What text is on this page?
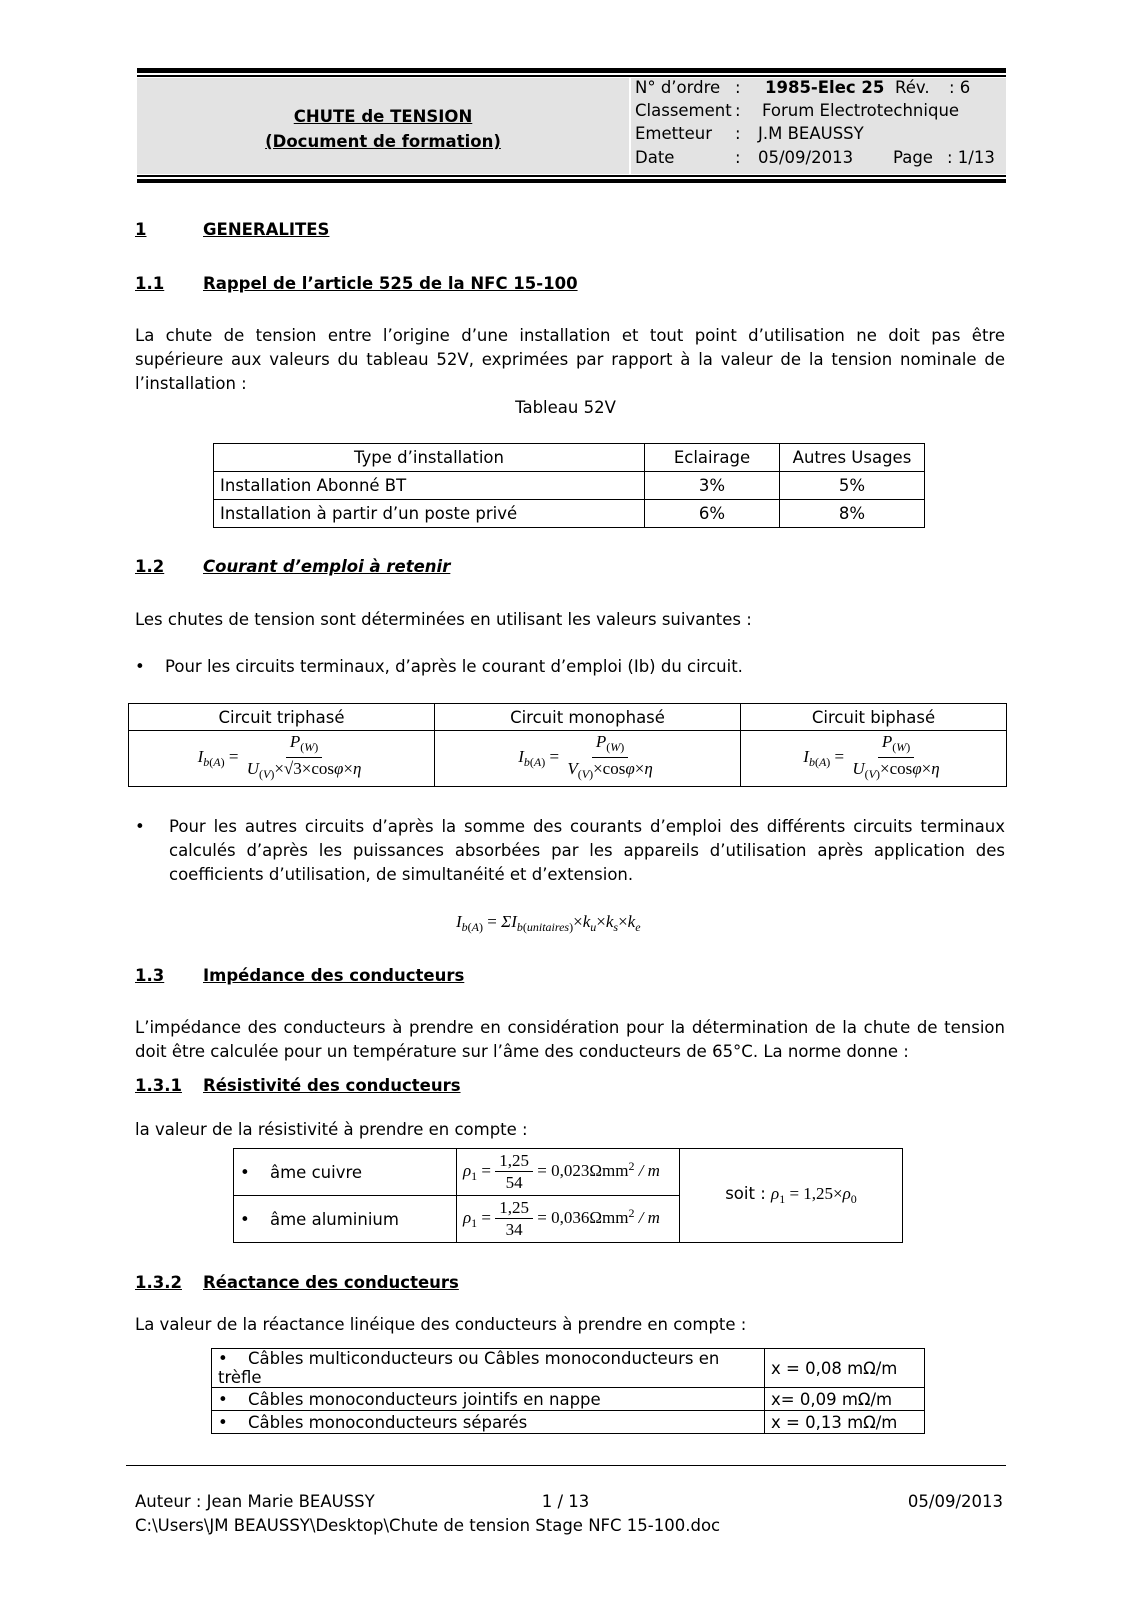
CHUTE de TENSION
(Document de formation)
N° d’ordre : 1985-Elec 25 Rév. : 6
Classement : Forum Electrotechnique
Emetteur : J.M BEAUSSY
Date	: 05/09/2013 Page : 1/13
1	GENERALITES
1.1 Rappel de l’article 525 de la NFC 15-100
La chute de tension entre l’origine d’une installation et tout point d’utilisation ne doit pas être supérieure aux valeurs du tableau 52V, exprimées par rapport à la valeur de la tension nominale de l’installation :
Tableau 52V
Type d’installation	Eclairage	Autres Usages
Installation Abonné BT	3%	5%
Installation à partir d’un poste privé	6%	8%
1.2 Courant d’emploi à retenir
Les chutes de tension sont déterminées en utilisant les valeurs suivantes :
• Pour les circuits terminaux, d’après le courant d’emploi (Ib) du circuit.
Circuit triphasé	Circuit monophasé	Circuit biphasé
$I_{b(A)} = \frac{P_{(W)}}{U_{(V)}\times√3\times\cos\varphi\times\eta}$	$I_{b(A)} = \frac{P_{(W)}}{V_{(V)}\times\cos\varphi\times\eta}$	$I_{b(A)} = \frac{P_{(W)}}{U_{(V)}\times\cos\varphi\times\eta}$
• Pour les autres circuits d’après la somme des courants d’emploi des différents circuits terminaux calculés d’après les puissances absorbées par les appareils d’utilisation après application des coefficients d’utilisation, de simultanéité et d’extension.
$I_{b(A)} = \Sigma I_{b(unitaires)}\times k_u\times k_s\times k_e$
1.3 Impédance des conducteurs
L’impédance des conducteurs à prendre en considération pour la détermination de la chute de tension doit être calculée pour un température sur l’âme des conducteurs de 65°C. La norme donne :
1.3.1 Résistivité des conducteurs
la valeur de la résistivité à prendre en compte :
• âme cuivre	$\rho_1 = \frac{1,25}{54} = 0,023\Omega mm^2 / m$	soit : $\rho_1 = 1,25\times\rho_0$
• âme aluminium	$\rho_1 = \frac{1,25}{34} = 0,036\Omega mm^2 / m$	
1.3.2 Réactance des conducteurs
La valeur de la réactance linéique des conducteurs à prendre en compte :
• Câbles multiconducteurs ou Câbles monoconducteurs en trèfle	x = 0,08 mΩ/m
• Câbles monoconducteurs jointifs en nappe	x= 0,09 mΩ/m
• Câbles monoconducteurs séparés	x = 0,13 mΩ/m
Auteur : Jean Marie BEAUSSY	1 / 13	05/09/2013
C:\Users\JM BEAUSSY\Desktop\Chute de tension Stage NFC 15-100.doc
